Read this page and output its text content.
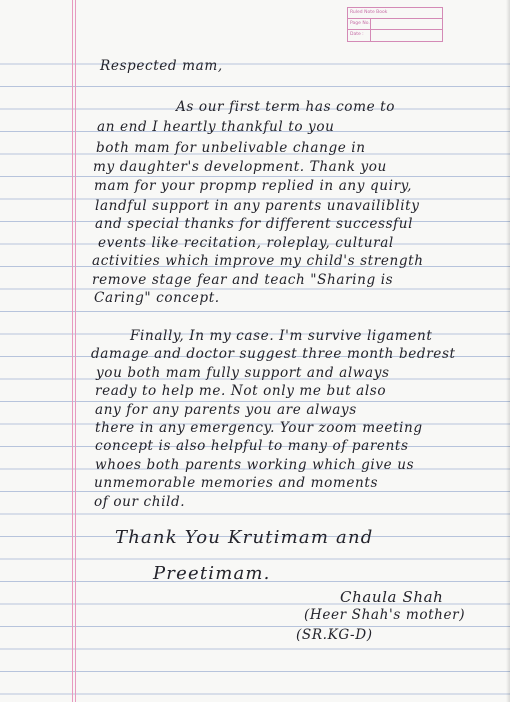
Ruled Note Book
Page No.
Date :
Respected mam,
As our first term has come to
an end I heartly thankful to you
both mam for unbelivable change in
my daughter's development. Thank you
mam for your propmp replied in any quiry,
landful support in any parents unavailiblity
and special thanks for different successful
events like recitation, roleplay, cultural
activities which improve my child's strength
remove stage fear and teach "Sharing is
Caring" concept.
Finally, In my case. I'm survive ligament
damage and doctor suggest three month bedrest
you both mam fully support and always
ready to help me. Not only me but also
any for any parents you are always
there in any emergency. Your zoom meeting
concept is also helpful to many of parents
whoes both parents working which give us
unmemorable memories and moments
of our child.
Thank You Krutimam and
Preetimam.
Chaula Shah
(Heer Shah's mother)
(SR.KG-D)
